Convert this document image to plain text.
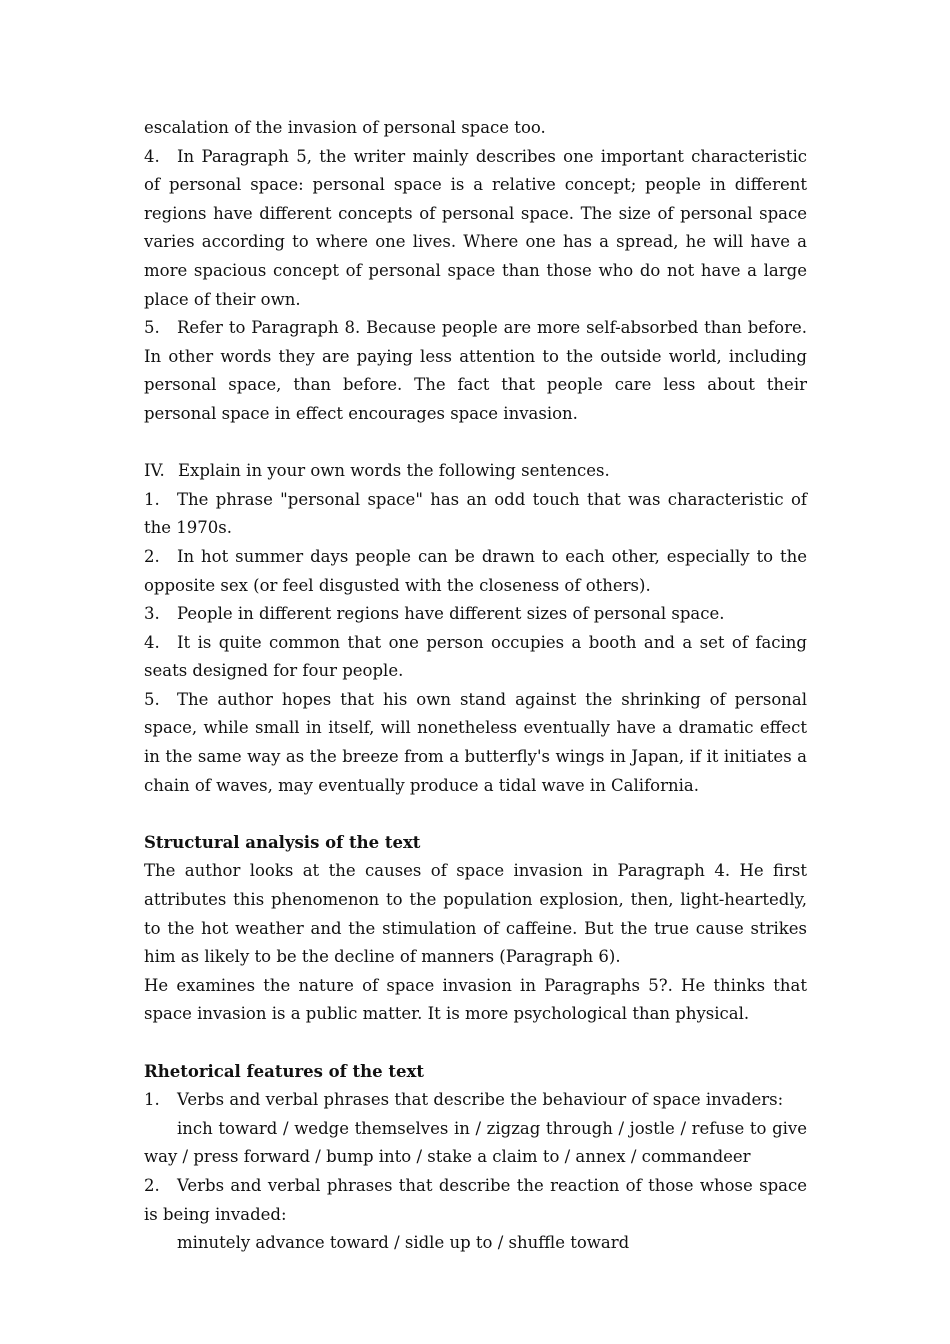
escalation of the invasion of personal space too.

4. In Paragraph 5, the writer mainly describes one important characteristic of personal space: personal space is a relative concept; people in different regions have different concepts of personal space. The size of personal space varies according to where one lives. Where one has a spread, he will have a more spacious concept of personal space than those who do not have a large place of their own.

5. Refer to Paragraph 8. Because people are more self-absorbed than before. In other words they are paying less attention to the outside world, including personal space, than before. The fact that people care less about their personal space in effect encourages space invasion.

IV. Explain in your own words the following sentences.

1. The phrase "personal space" has an odd touch that was characteristic of the 1970s.

2. In hot summer days people can be drawn to each other, especially to the opposite sex (or feel disgusted with the closeness of others).

3. People in different regions have different sizes of personal space.

4. It is quite common that one person occupies a booth and a set of facing seats designed for four people.

5. The author hopes that his own stand against the shrinking of personal space, while small in itself, will nonetheless eventually have a dramatic effect in the same way as the breeze from a butterfly's wings in Japan, if it initiates a chain of waves, may eventually produce a tidal wave in California.

Structural analysis of the text

The author looks at the causes of space invasion in Paragraph 4. He first attributes this phenomenon to the population explosion, then, light-heartedly, to the hot weather and the stimulation of caffeine. But the true cause strikes him as likely to be the decline of manners (Paragraph 6).

He examines the nature of space invasion in Paragraphs 5?. He thinks that space invasion is a public matter. It is more psychological than physical.

Rhetorical features of the text

1. Verbs and verbal phrases that describe the behaviour of space invaders:

inch toward / wedge themselves in / zigzag through / jostle / refuse to give way / press forward / bump into / stake a claim to / annex / commandeer

2. Verbs and verbal phrases that describe the reaction of those whose space is being invaded:

minutely advance toward / sidle up to / shuffle toward
